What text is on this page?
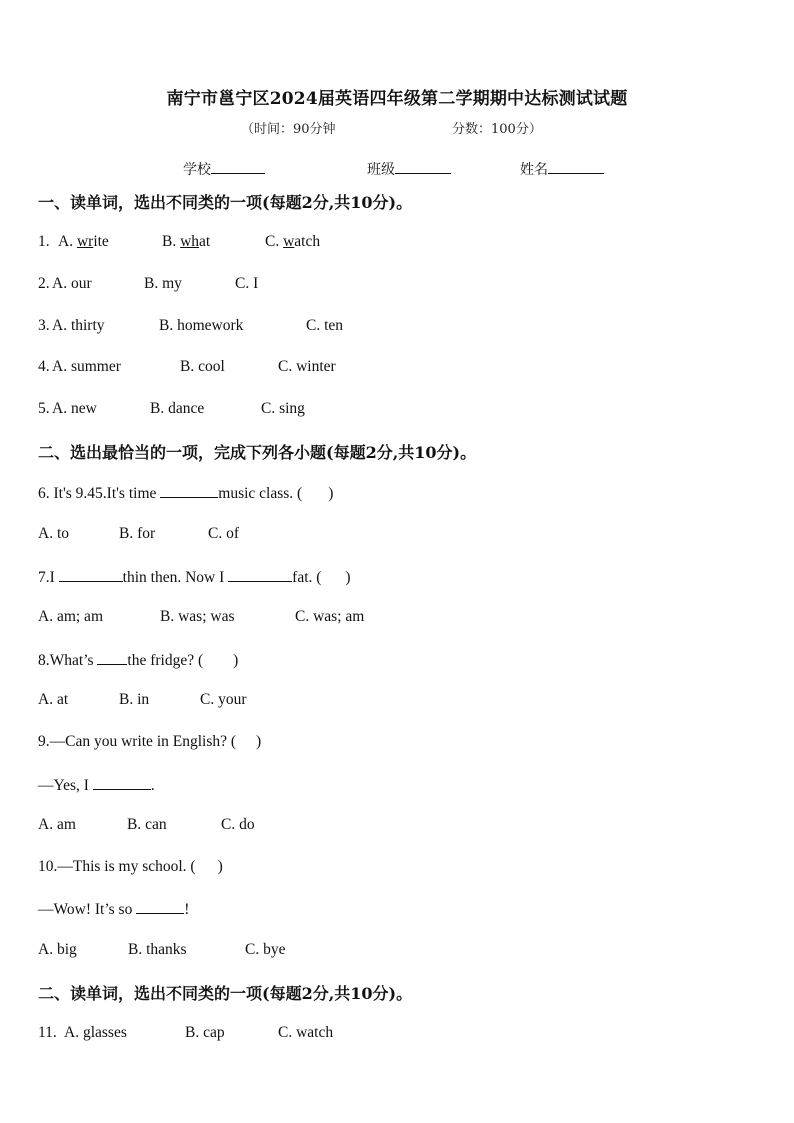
南宁市邕宁区2024届英语四年级第二学期期中达标测试试题
（时间：90分钟	分数：100分）
学校	班级	姓名
一、读单词，选出不同类的一项(每题2分,共10分)。
1. A. write	B. what	C. watch
2. A. our	B. my	C. I
3. A. thirty	B. homework	C. ten
4. A. summer	B. cool	C. winter
5. A. new	B. dance	C. sing
二、选出最恰当的一项，完成下列各小题(每题2分,共10分)。
6. It's 9.45.It's time	music class. ( )
A. to	B. for	C. of
7.I	thin then. Now I	fat. ( )
A. am; am	B. was; was	C. was; am
8.What’s the fridge? ( )
A. at	B. in	C. your
9.—Can you write in English? ( )
—Yes, I	.
A. am	B. can	C. do
10.—This is my school. ( )
—Wow! It’s so	!
A. big	B. thanks	C. bye
二、读单词，选出不同类的一项(每题2分,共10分)。
11. A. glasses	B. cap	C. watch
